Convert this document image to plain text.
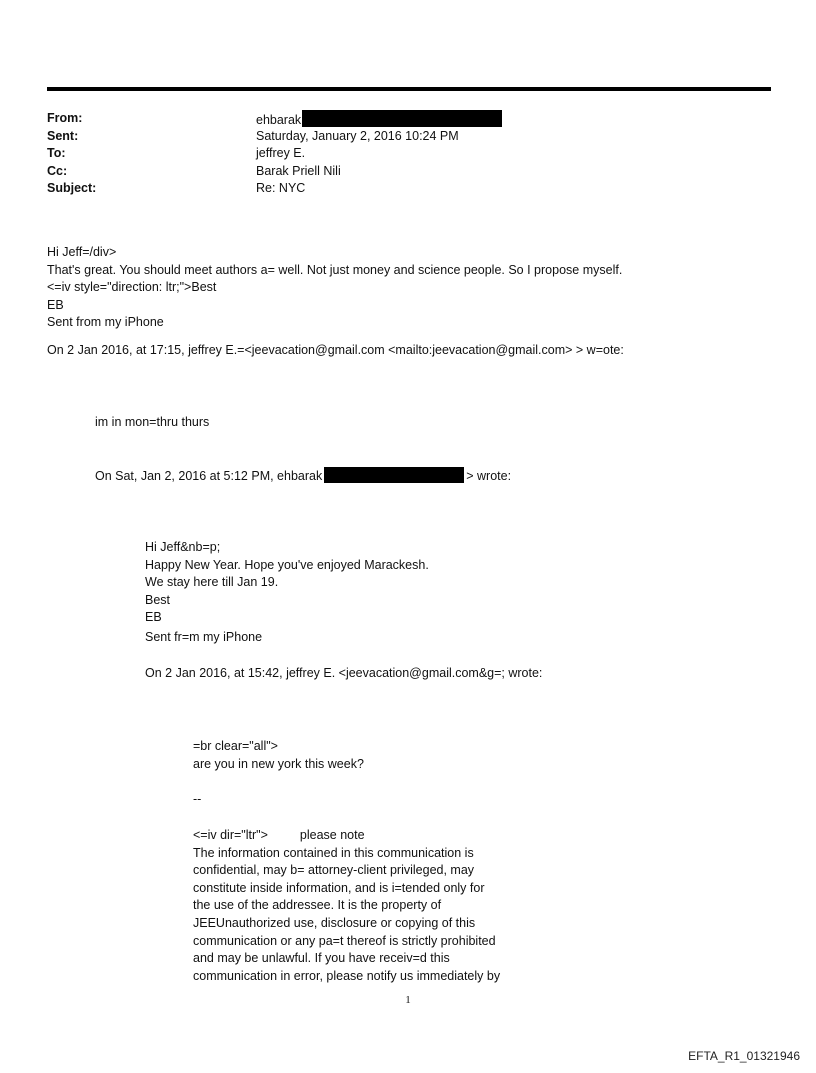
From:	ehbarak
Sent:	Saturday, January 2, 2016 10:24 PM
To:	jeffrey E.
Cc:	Barak Priell Nili
Subject:	Re: NYC
Hi Jeff=/div>
That's great. You should meet authors a= well. Not just money and science people. So I propose myself.
<=iv style="direction: ltr;">Best
EB
Sent from my iPhone
On 2 Jan 2016, at 17:15, jeffrey E.=<jeevacation@gmail.com <mailto:jeevacation@gmail.com> > w=ote:
im in mon=thru thurs
On Sat, Jan 2, 2016 at 5:12 PM, ehbarak	> wrote:
Hi Jeff&nb=p;
Happy New Year. Hope you've enjoyed Marackesh.
We stay here till Jan 19.
Best
EB
Sent fr=m my iPhone
On 2 Jan 2016, at 15:42, jeffrey E. <jeevacation@gmail.com&g=; wrote:
=br clear="all">
are you in new york this week?
--
<=iv dir="ltr">	please note
The information contained in this communication is
confidential, may b= attorney-client privileged, may
constitute inside information, and is i=tended only for
the use of the addressee. It is the property of
JEEUnauthorized use, disclosure or copying of this
communication or any pa=t thereof is strictly prohibited
and may be unlawful. If you have receiv=d this
communication in error, please notify us immediately by
1
EFTA_R1_01321946
